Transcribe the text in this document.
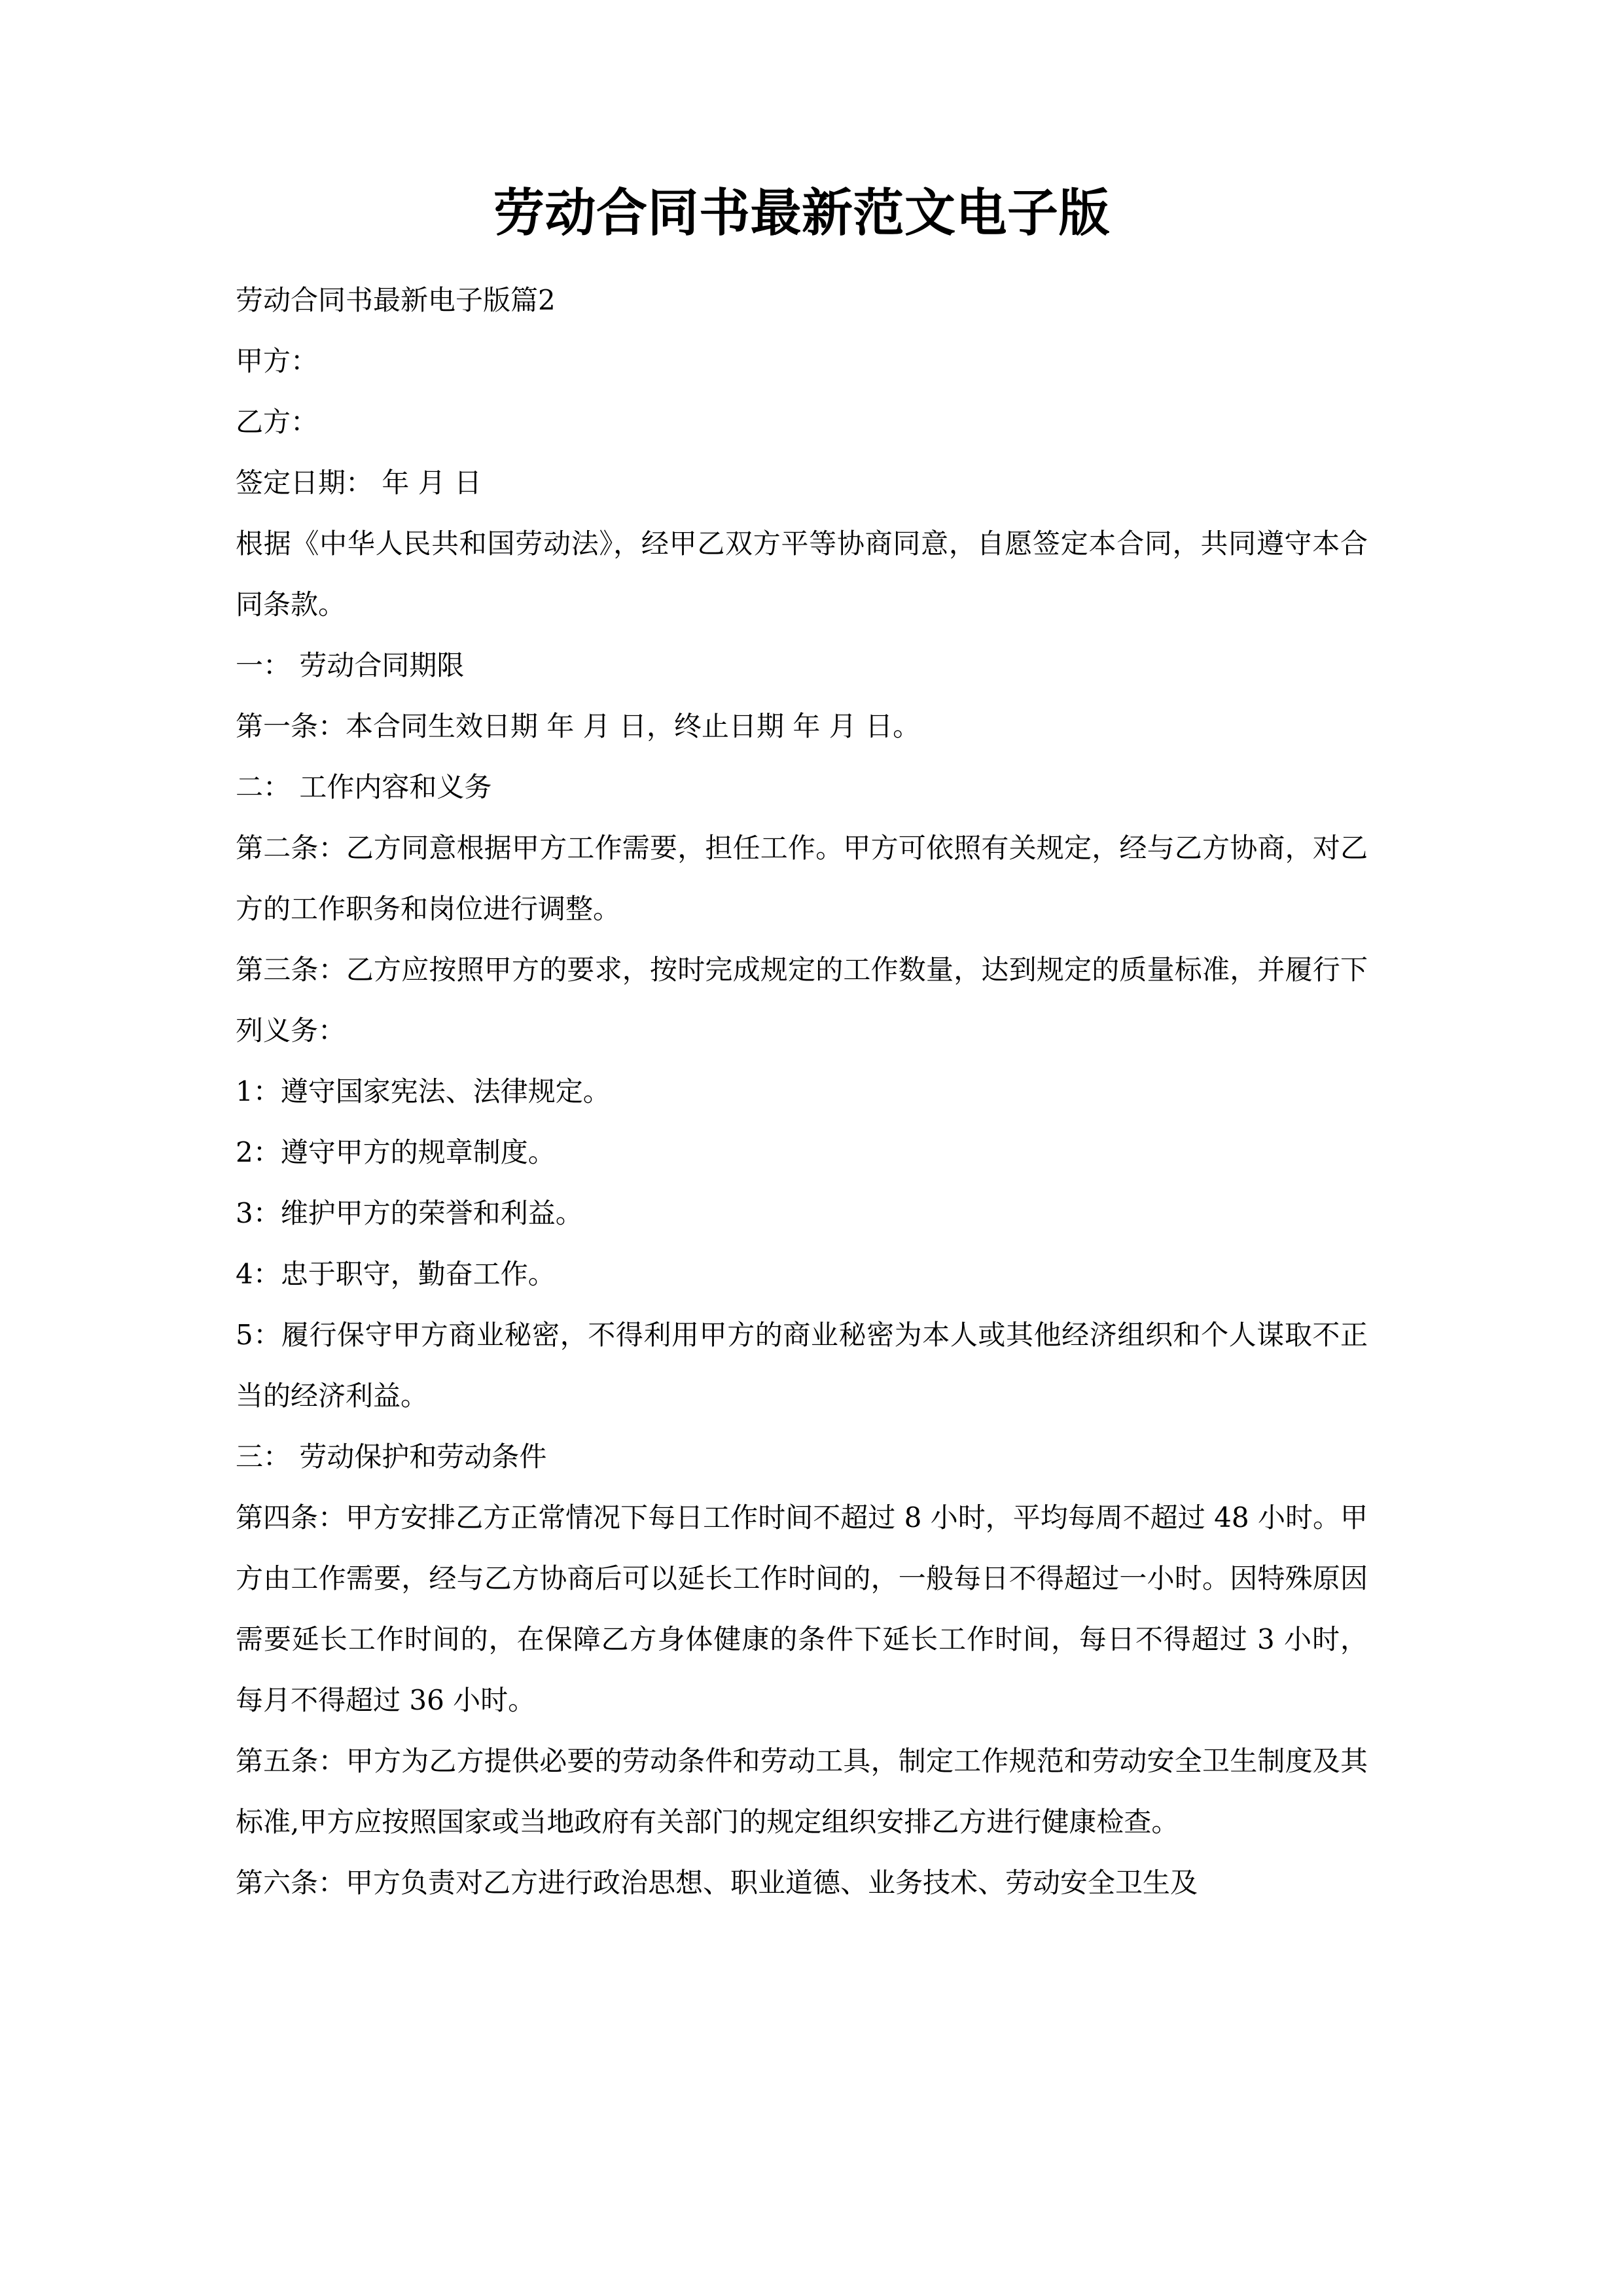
劳动合同书最新范文电子版

劳动合同书最新电子版篇2

甲方：

乙方：

签定日期： 年 月 日

根据《中华人民共和国劳动法》，经甲乙双方平等协商同意，自愿签定本合同，共同遵守本合同条款。

一： 劳动合同期限

第一条：本合同生效日期 年 月 日，终止日期 年 月 日。

二： 工作内容和义务

第二条：乙方同意根据甲方工作需要，担任工作。甲方可依照有关规定，经与乙方协商，对乙方的工作职务和岗位进行调整。

第三条：乙方应按照甲方的要求，按时完成规定的工作数量，达到规定的质量标准，并履行下列义务：

1：遵守国家宪法、法律规定。

2：遵守甲方的规章制度。

3：维护甲方的荣誉和利益。

4：忠于职守，勤奋工作。

5：履行保守甲方商业秘密，不得利用甲方的商业秘密为本人或其他经济组织和个人谋取不正当的经济利益。

三： 劳动保护和劳动条件

第四条：甲方安排乙方正常情况下每日工作时间不超过 8 小时，平均每周不超过 48 小时。甲方由工作需要，经与乙方协商后可以延长工作时间的，一般每日不得超过一小时。因特殊原因需要延长工作时间的，在保障乙方身体健康的条件下延长工作时间，每日不得超过 3 小时，每月不得超过 36 小时。

第五条：甲方为乙方提供必要的劳动条件和劳动工具，制定工作规范和劳动安全卫生制度及其标准,甲方应按照国家或当地政府有关部门的规定组织安排乙方进行健康检查。

第六条：甲方负责对乙方进行政治思想、职业道德、业务技术、劳动安全卫生及
